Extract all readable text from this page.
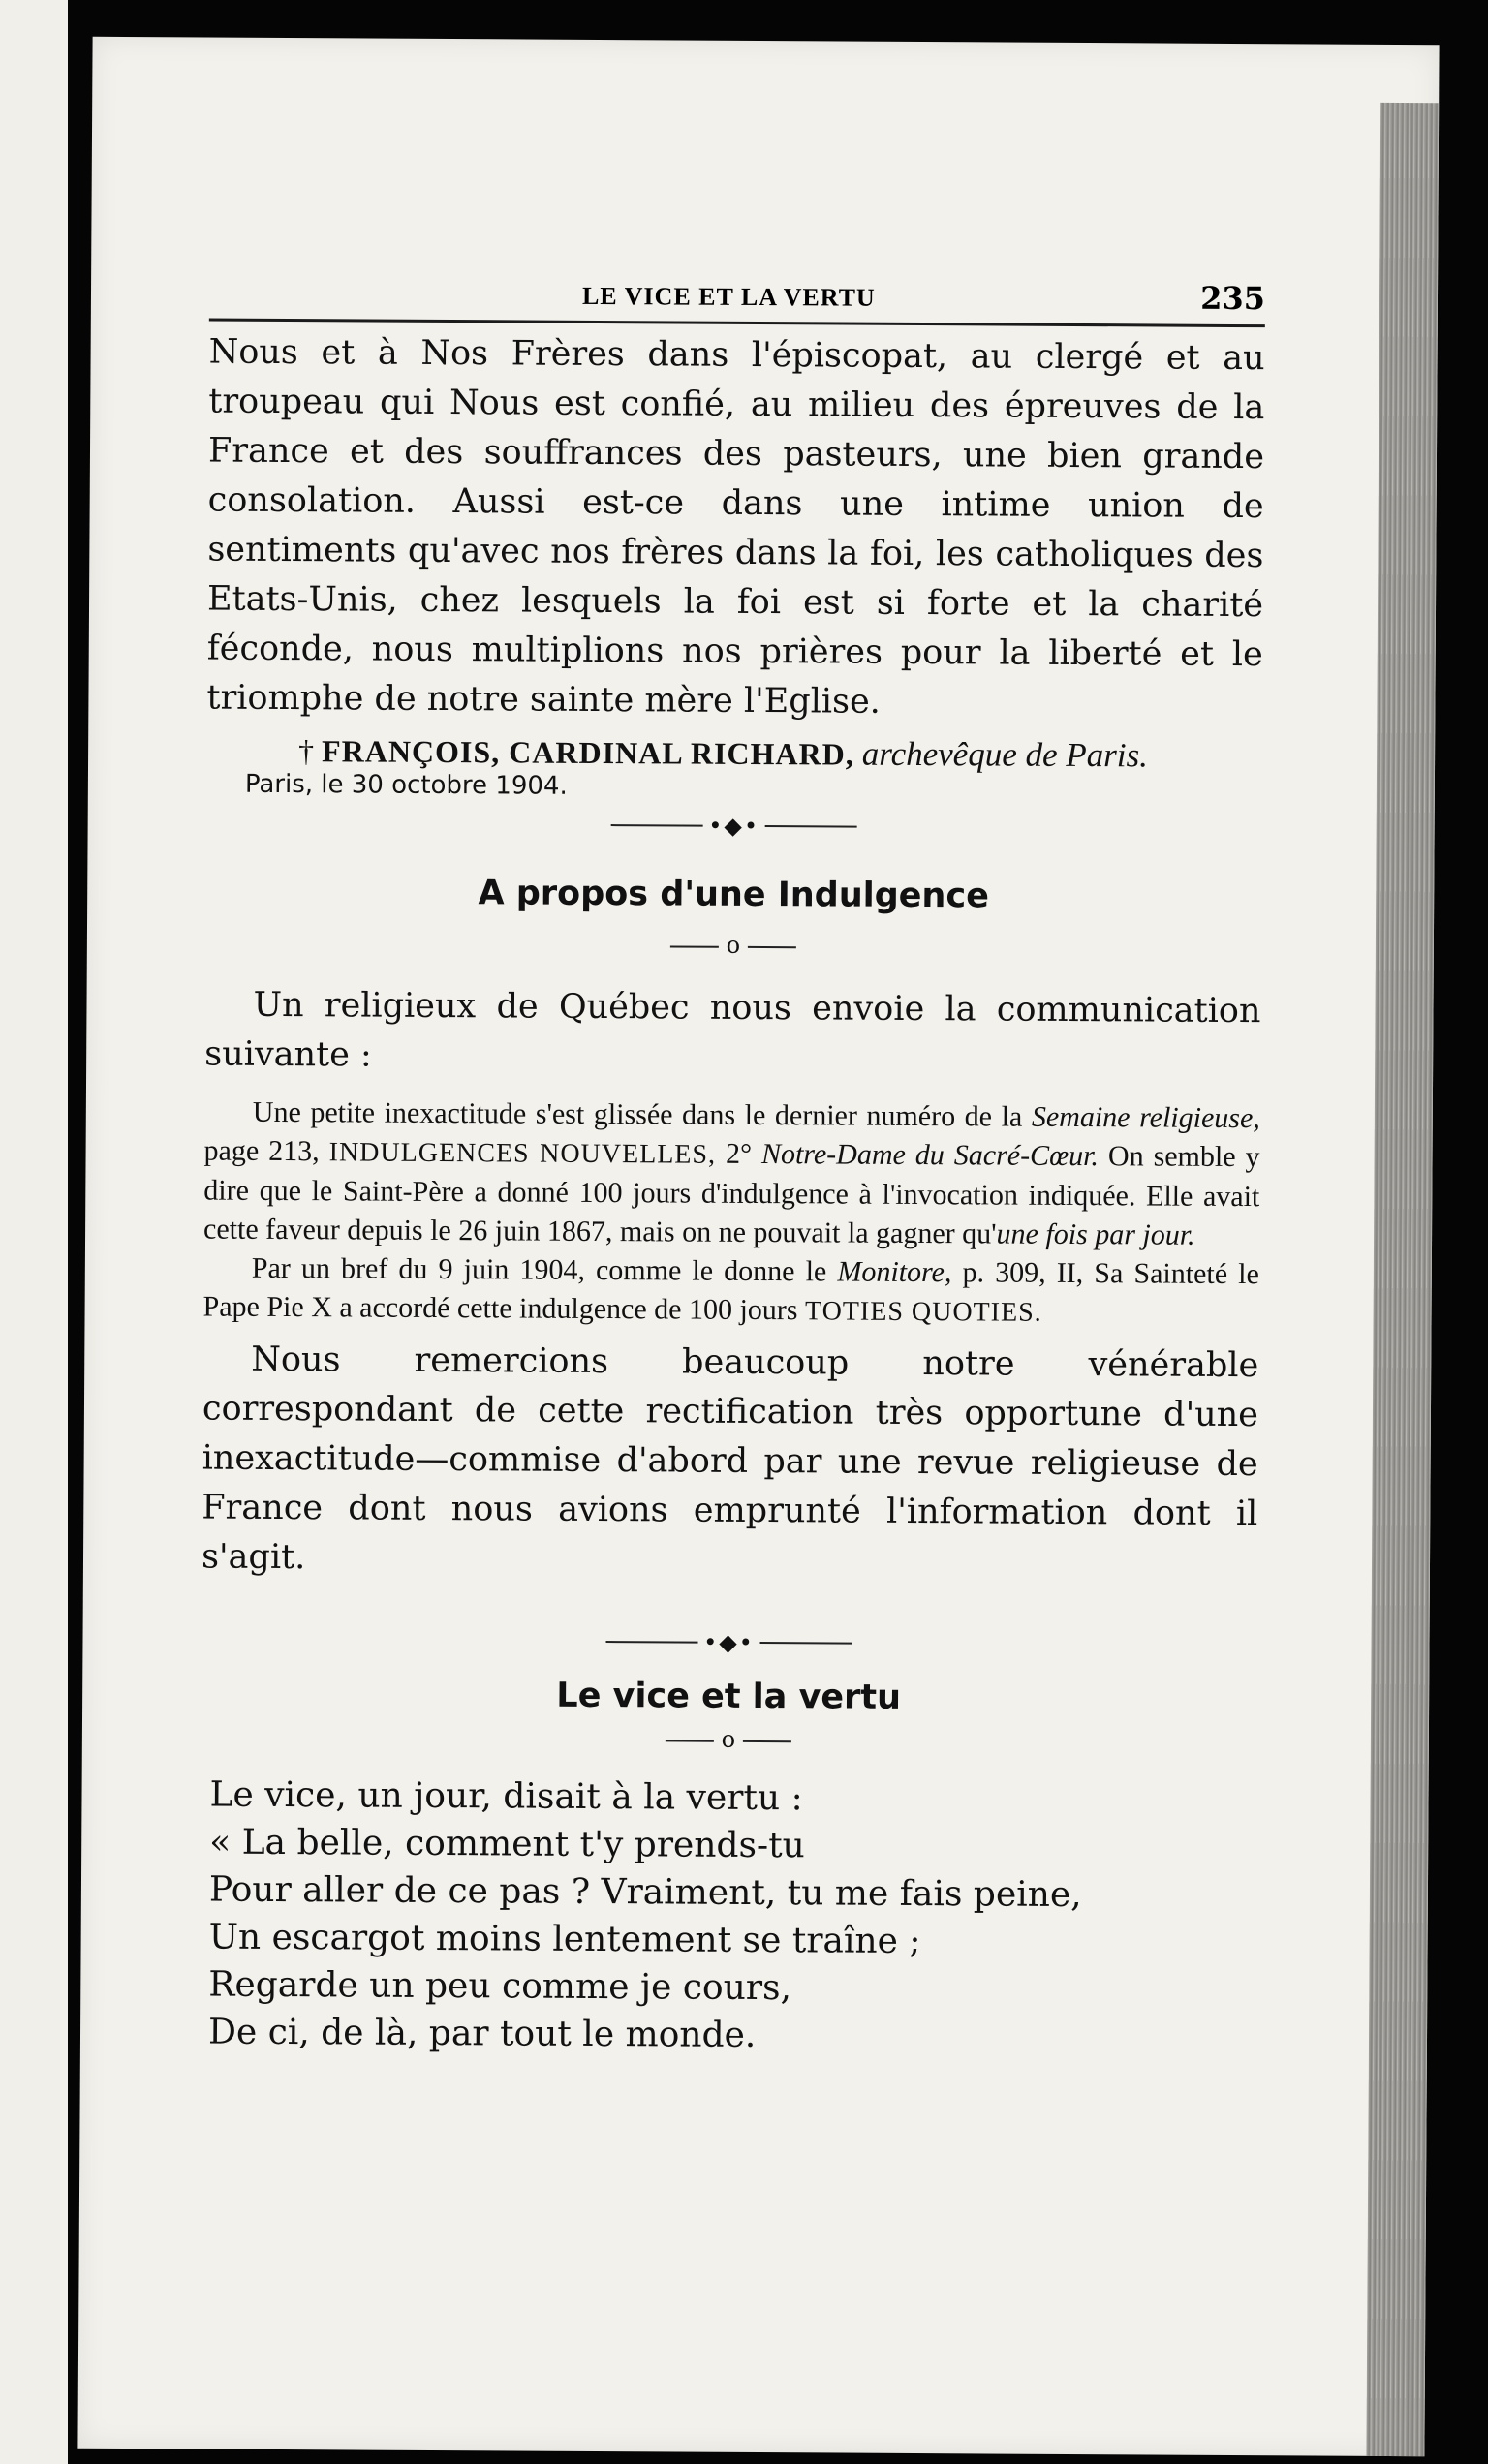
LE VICE ET LA VERTU	235

Nous et à Nos Frères dans l'épiscopat, au clergé et au troupeau qui Nous est confié, au milieu des épreuves de la France et des souffrances des pasteurs, une bien grande consolation. Aussi est-ce dans une intime union de sentiments qu'avec nos frères dans la foi, les catholiques des Etats-Unis, chez lesquels la foi est si forte et la charité féconde, nous multiplions nos prières pour la liberté et le triomphe de notre sainte mère l'Eglise.

† FRANÇOIS, CARDINAL RICHARD, archevêque de Paris.

Paris, le 30 octobre 1904.

•◆•
A propos d'une Indulgence
o

Un religieux de Québec nous envoie la communication suivante :

Une petite inexactitude s'est glissée dans le dernier numéro de la Semaine religieuse, page 213, INDULGENCES NOUVELLES, 2° Notre-Dame du Sacré-Cœur. On semble y dire que le Saint-Père a donné 100 jours d'indulgence à l'invocation indiquée. Elle avait cette faveur depuis le 26 juin 1867, mais on ne pouvait la gagner qu'une fois par jour.

Par un bref du 9 juin 1904, comme le donne le Monitore, p. 309, II, Sa Sainteté le Pape Pie X a accordé cette indulgence de 100 jours TOTIES QUOTIES.

Nous remercions beaucoup notre vénérable correspondant de cette rectification très opportune d'une inexactitude—commise d'abord par une revue religieuse de France dont nous avions emprunté l'information dont il s'agit.

•◆•
Le vice et la vertu
o

Le vice, un jour, disait à la vertu :

« La belle, comment t'y prends-tu

Pour aller de ce pas ? Vraiment, tu me fais peine,

Un escargot moins lentement se traîne ;

Regarde un peu comme je cours,

De ci, de là, par tout le monde.
